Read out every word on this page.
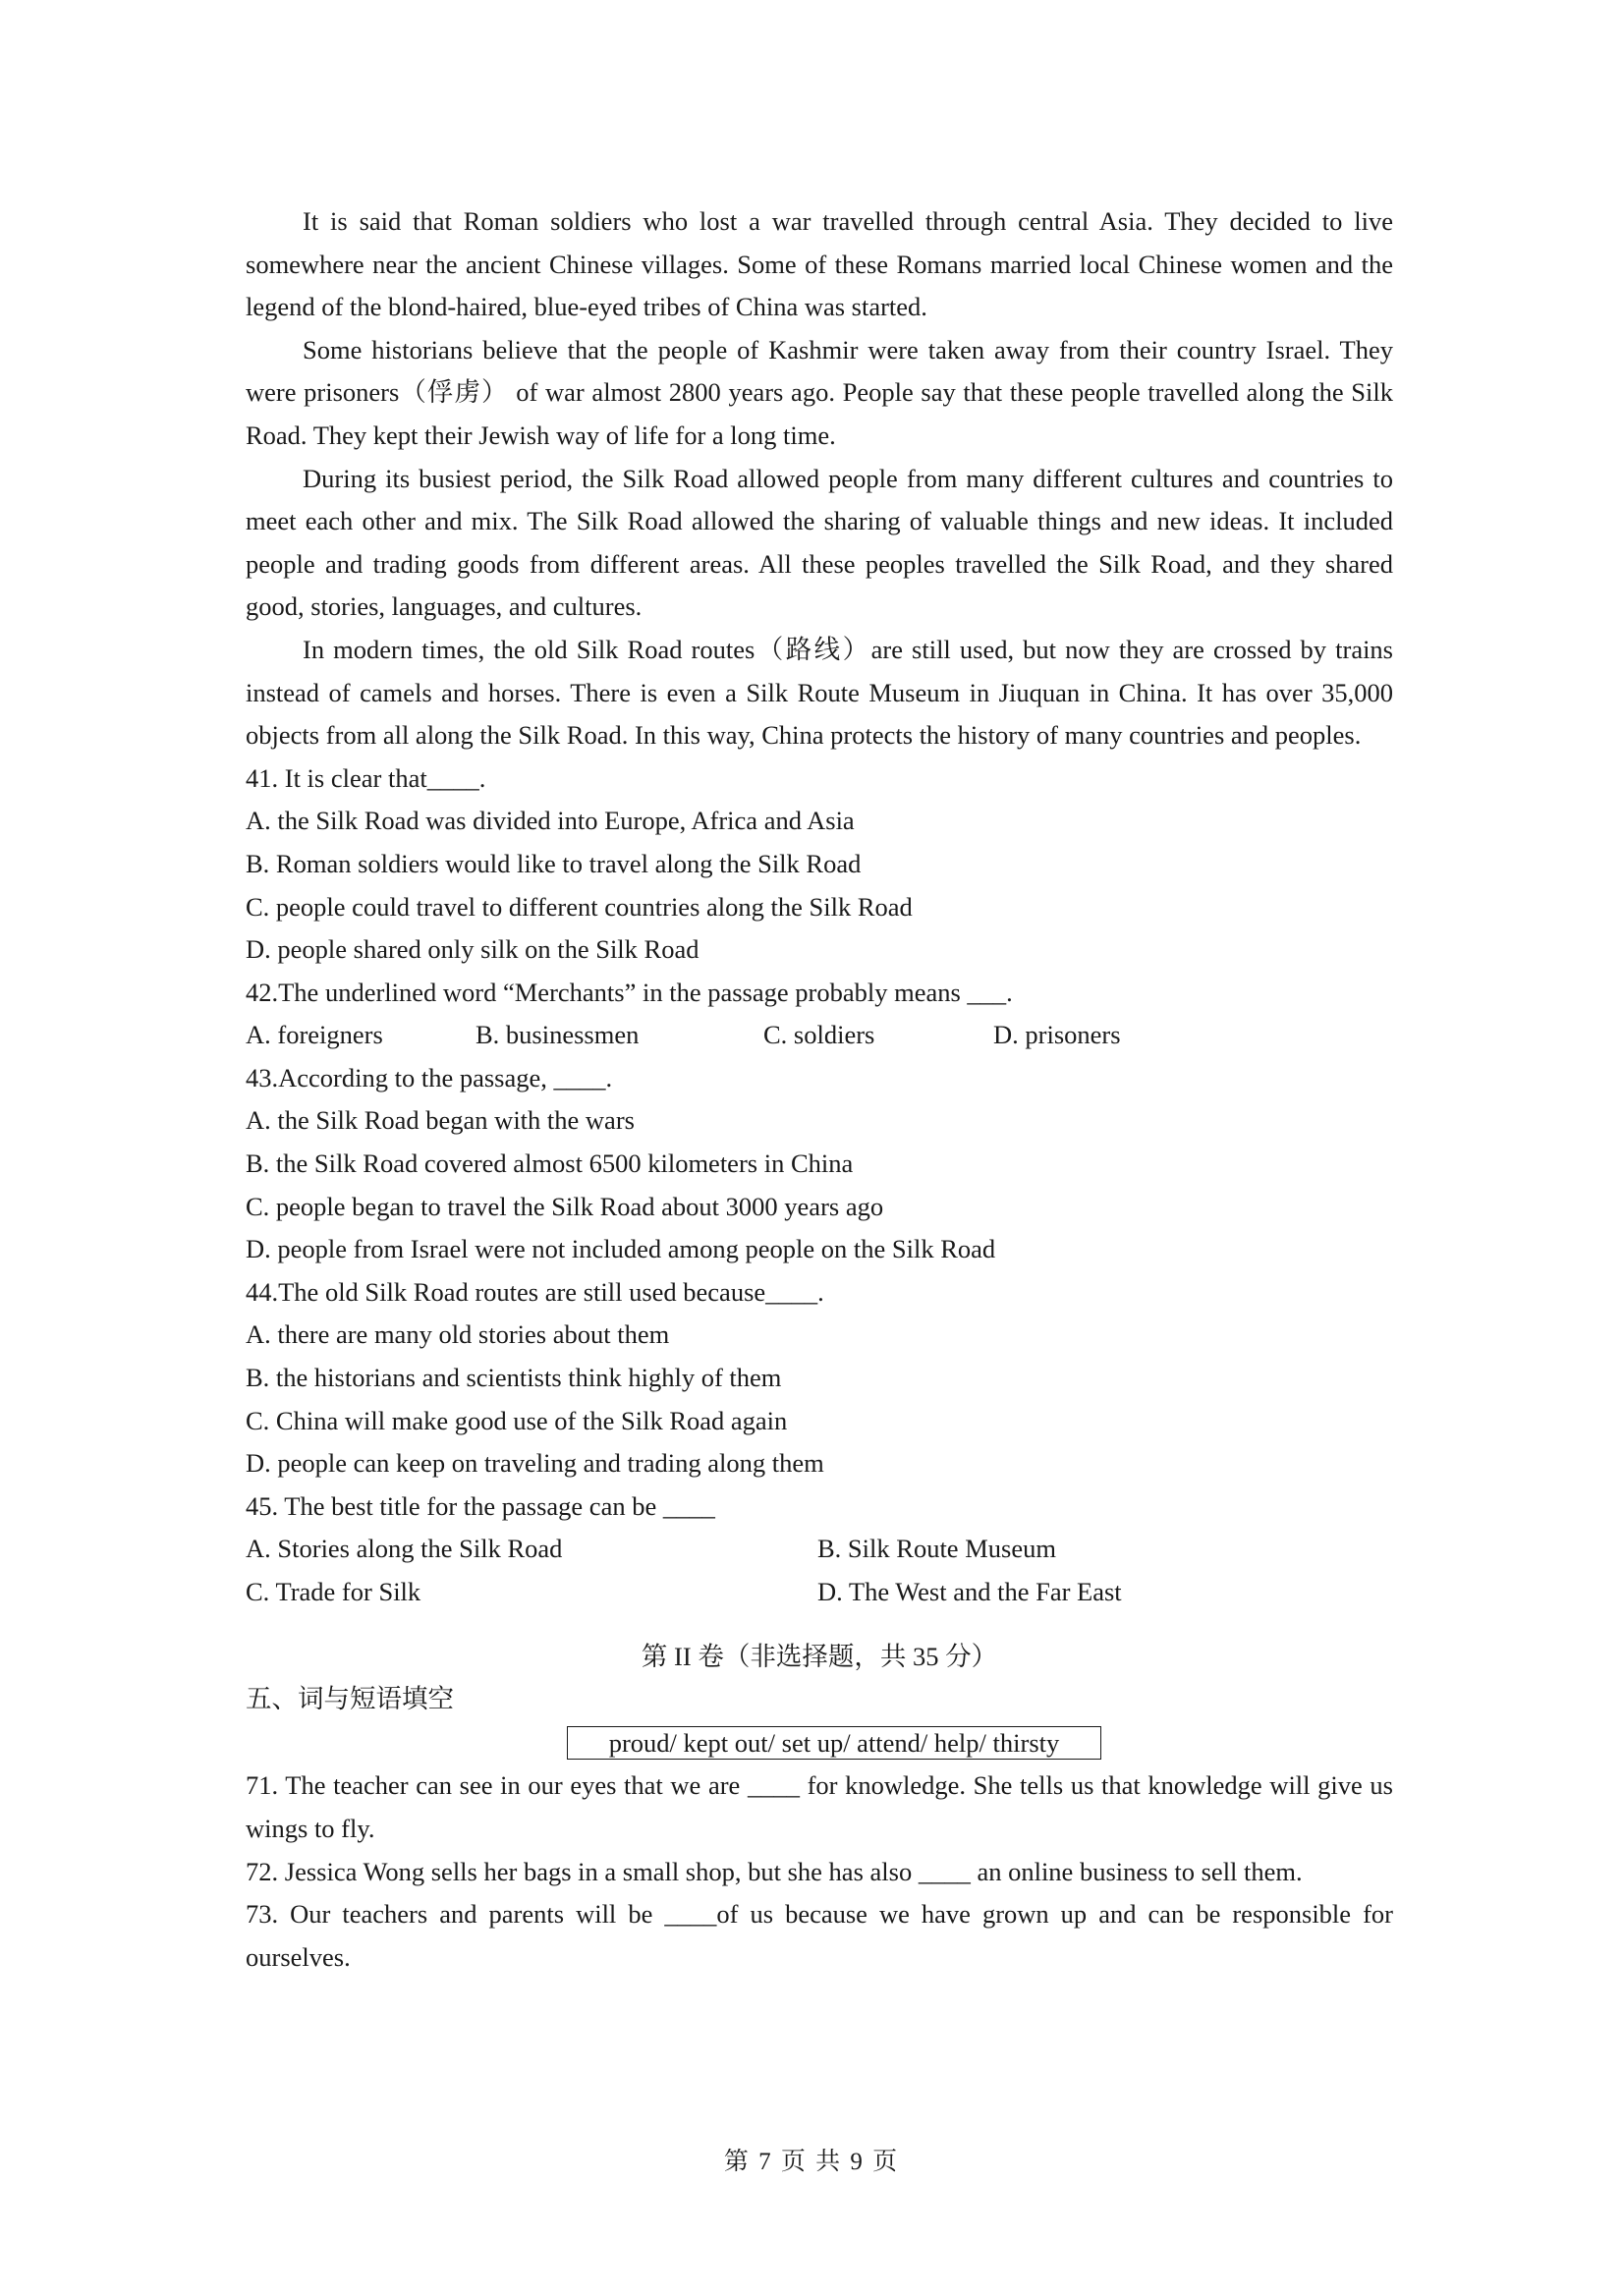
It is said that Roman soldiers who lost a war travelled through central Asia. They decided to live somewhere near the ancient Chinese villages. Some of these Romans married local Chinese women and the legend of the blond-haired, blue-eyed tribes of China was started.

Some historians believe that the people of Kashmir were taken away from their country Israel. They were prisoners（俘虏） of war almost 2800 years ago. People say that these people travelled along the Silk Road. They kept their Jewish way of life for a long time.

During its busiest period, the Silk Road allowed people from many different cultures and countries to meet each other and mix. The Silk Road allowed the sharing of valuable things and new ideas. It included people and trading goods from different areas. All these peoples travelled the Silk Road, and they shared good, stories, languages, and cultures.

In modern times, the old Silk Road routes（路线）are still used, but now they are crossed by trains instead of camels and horses. There is even a Silk Route Museum in Jiuquan in China. It has over 35,000 objects from all along the Silk Road. In this way, China protects the history of many countries and peoples.

41. It is clear that____.

A. the Silk Road was divided into Europe, Africa and Asia

B. Roman soldiers would like to travel along the Silk Road

C. people could travel to different countries along the Silk Road

D. people shared only silk on the Silk Road

42.The underlined word “Merchants” in the passage probably means ___.

A. foreigners	B. businessmen	C. soldiers	D. prisoners

43.According to the passage, ____.

A. the Silk Road began with the wars

B. the Silk Road covered almost 6500 kilometers in China

C. people began to travel the Silk Road about 3000 years ago

D. people from Israel were not included among people on the Silk Road

44.The old Silk Road routes are still used because____.

A. there are many old stories about them

B. the historians and scientists think highly of them

C. China will make good use of the Silk Road again

D. people can keep on traveling and trading along them

45. The best title for the passage can be ____

A. Stories along the Silk Road	B. Silk Route Museum
C. Trade for Silk	D. The West and the Far East

第 II 卷（非选择题，共 35 分）

五、词与短语填空

proud/ kept out/ set up/ attend/ help/ thirsty

71. The teacher can see in our eyes that we are ____ for knowledge. She tells us that knowledge will give us wings to fly.

72. Jessica Wong sells her bags in a small shop, but she has also ____ an online business to sell them.

73. Our teachers and parents will be ____of us because we have grown up and can be responsible for ourselves.

第 7 页 共 9 页
